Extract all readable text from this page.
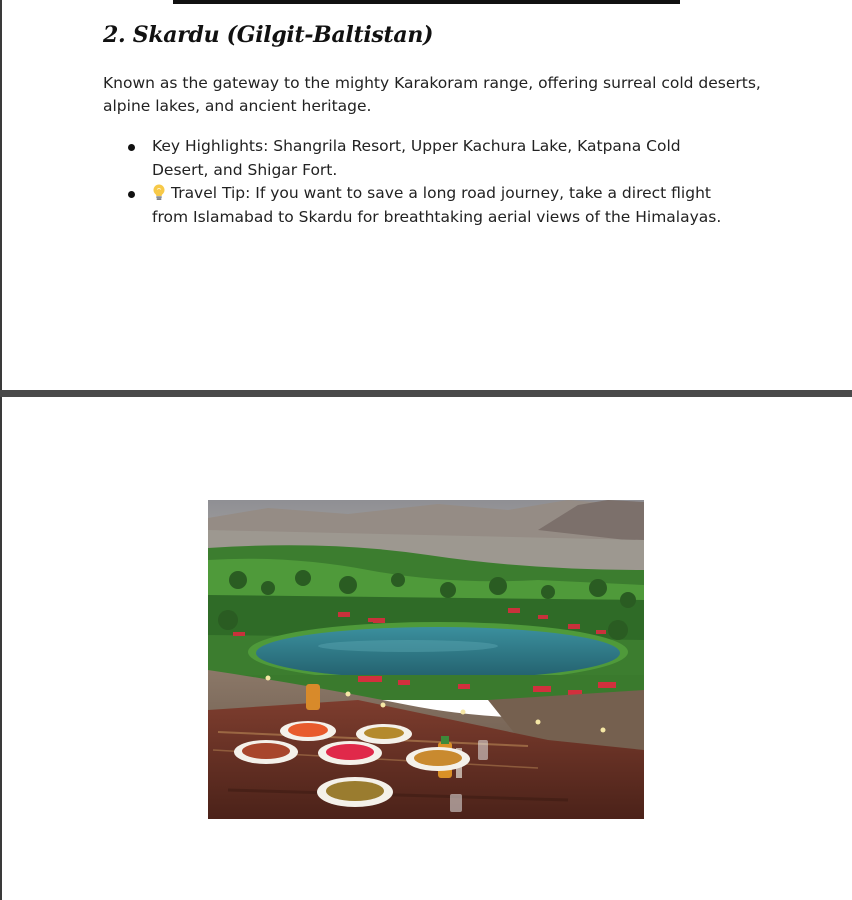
2. Skardu (Gilgit-Baltistan)

Known as the gateway to the mighty Karakoram range, offering surreal cold deserts, alpine lakes, and ancient heritage.

Key Highlights: Shangrila Resort, Upper Kachura Lake, Katpana Cold Desert, and Shigar Fort.
Travel Tip: If you want to save a long road journey, take a direct flight from Islamabad to Skardu for breathtaking aerial views of the Himalayas.
